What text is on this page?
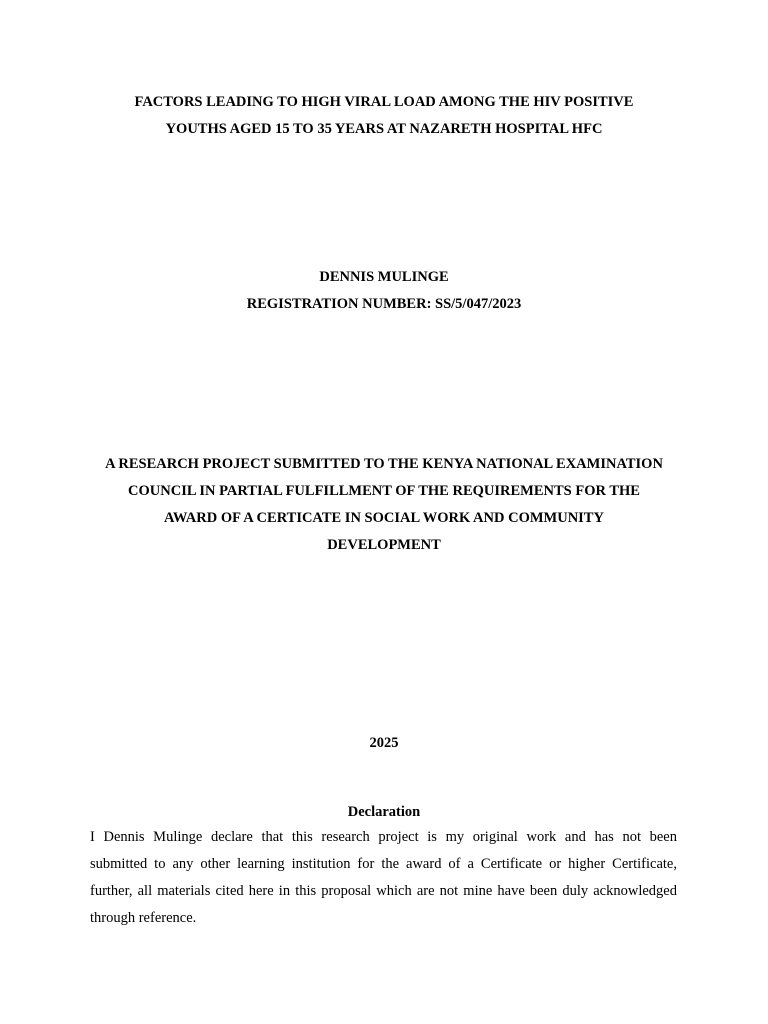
FACTORS LEADING TO HIGH VIRAL LOAD AMONG THE HIV POSITIVE
YOUTHS AGED 15 TO 35 YEARS AT NAZARETH HOSPITAL HFC
DENNIS MULINGE
REGISTRATION NUMBER: SS/5/047/2023
A RESEARCH PROJECT SUBMITTED TO THE KENYA NATIONAL EXAMINATION
COUNCIL IN PARTIAL FULFILLMENT OF THE REQUIREMENTS FOR THE
AWARD OF A CERTICATE IN SOCIAL WORK AND COMMUNITY
DEVELOPMENT
2025
Declaration
I Dennis Mulinge declare that this research project is my original work and has not been
submitted to any other learning institution for the award of a Certificate or higher Certificate,
further, all materials cited here in this proposal which are not mine have been duly acknowledged
through reference.
